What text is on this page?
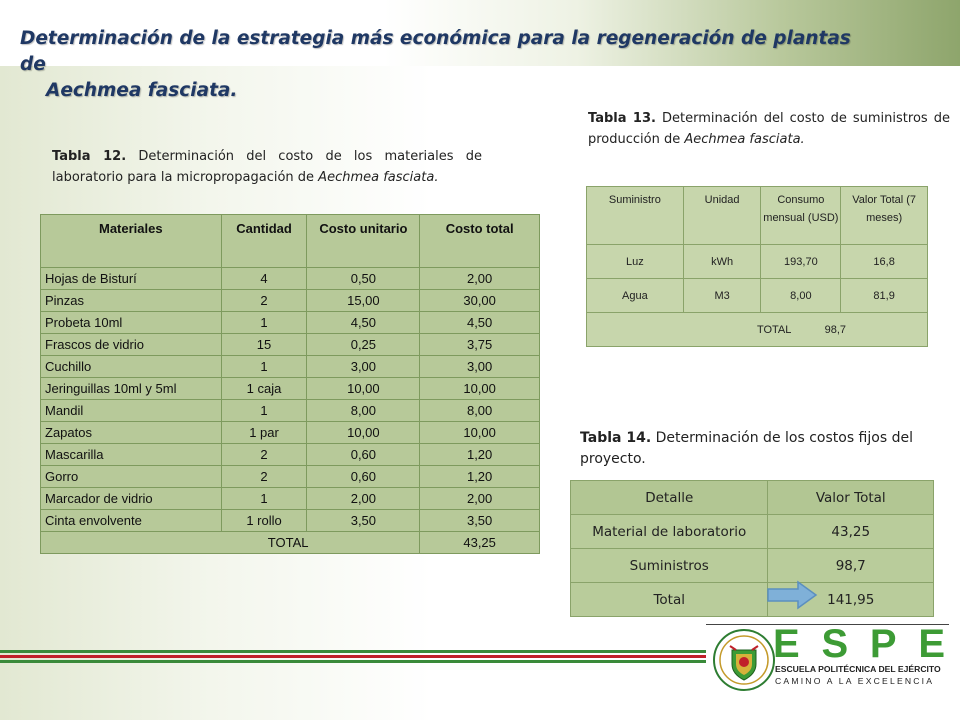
Determinación de la estrategia más económica para la regeneración de plantas de
Aechmea fasciata.
Tabla 12. Determinación del costo de los materiales de laboratorio para la micropropagación de Aechmea fasciata.
Materiales	Cantidad	Costo unitario	Costo total
Hojas de Bisturí	4	0,50	2,00
Pinzas	2	15,00	30,00
Probeta 10ml	1	4,50	4,50
Frascos de vidrio	15	0,25	3,75
Cuchillo	1	3,00	3,00
Jeringuillas 10ml y 5ml	1 caja	10,00	10,00
Mandil	1	8,00	8,00
Zapatos	1 par	10,00	10,00
Mascarilla	2	0,60	1,20
Gorro	2	0,60	1,20
Marcador de vidrio	1	2,00	2,00
Cinta envolvente	1 rollo	3,50	3,50
TOTAL			43,25
Tabla 13. Determinación del costo de suministros de producción de Aechmea fasciata.
Suministro	Unidad	Consumo mensual (USD)	Valor Total (7 meses)
Luz	kWh	193,70	16,8
Agua	M3	8,00	81,9
TOTAL 98,7			
Tabla 14. Determinación de los costos fijos del proyecto.
Detalle	Valor Total
Material de laboratorio	43,25
Suministros	98,7
Total	141,95
E S P E
ESCUELA POLITÉCNICA DEL EJÉRCITO
CAMINO A LA EXCELENCIA
